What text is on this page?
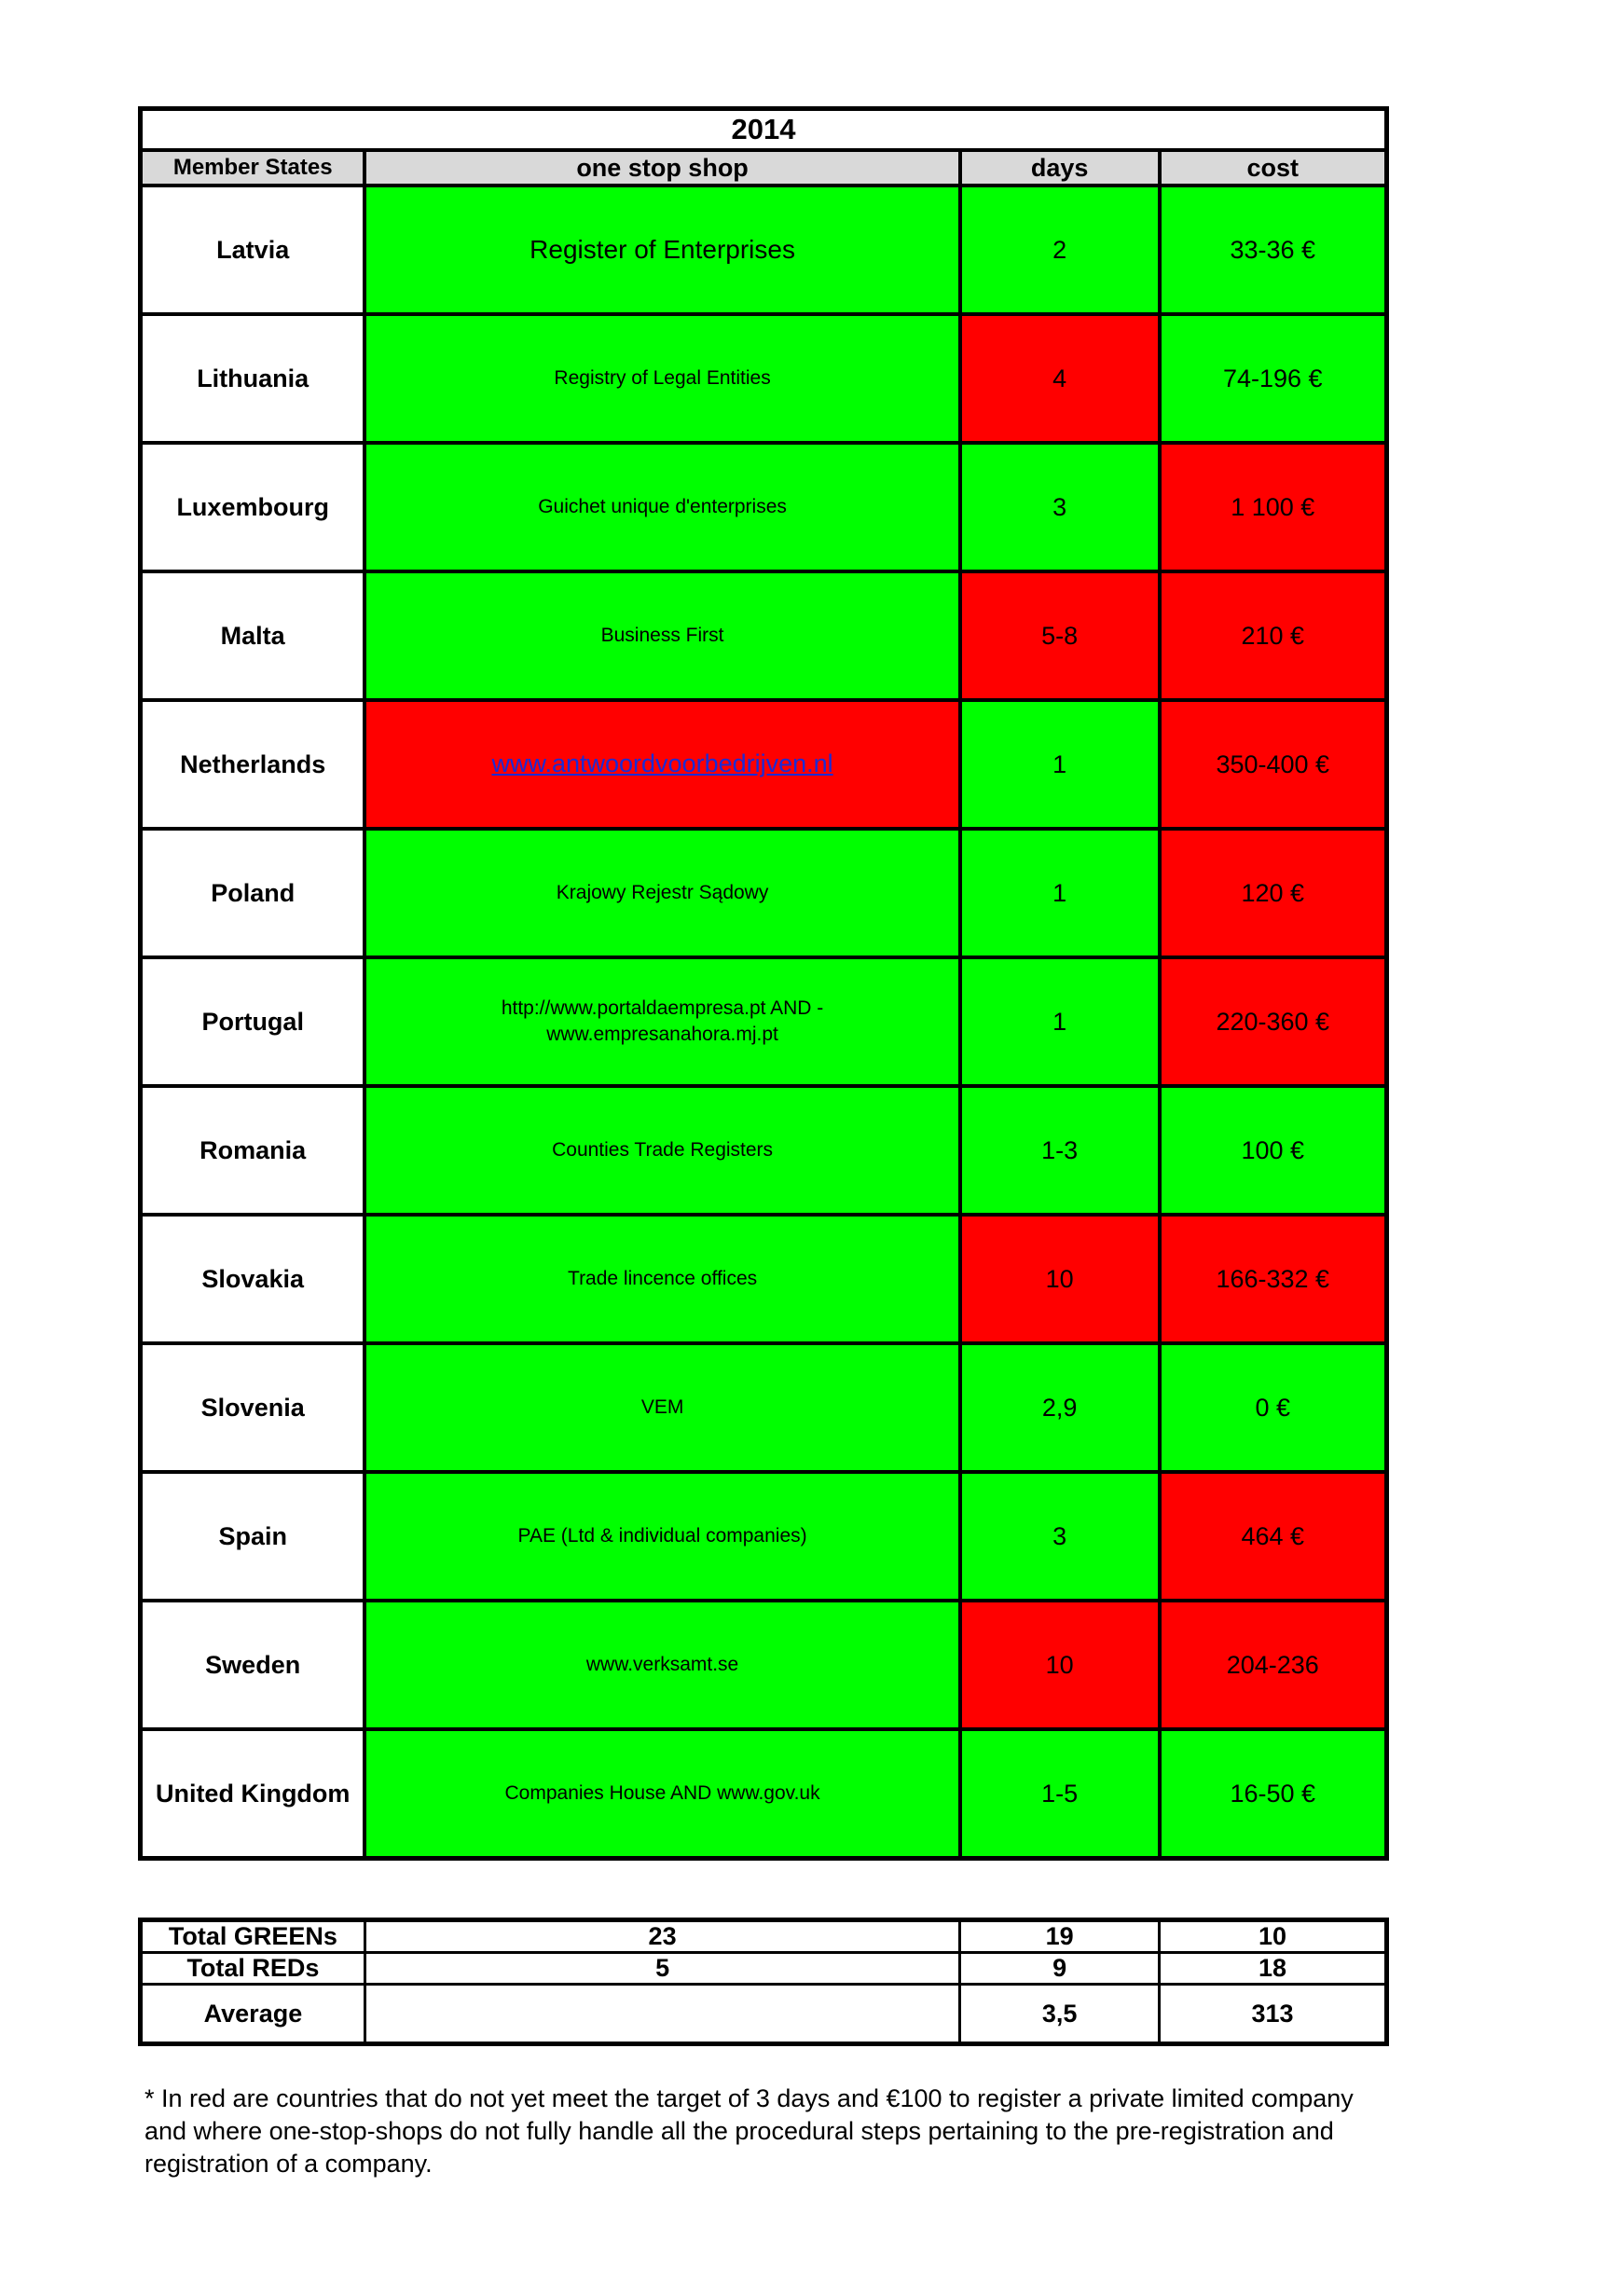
2014			
Member States	one stop shop	days	cost
Latvia	Register of Enterprises	2	33-36 €
Lithuania	Registry of Legal Entities	4	74-196 €
Luxembourg	Guichet unique d'enterprises	3	1 100 €
Malta	Business First	5-8	210 €
Netherlands	www.antwoordvoorbedrijven.nl	1	350-400 €
Poland	Krajowy Rejestr Sądowy	1	120 €
Portugal	http://www.portaldaempresa.pt AND - www.empresanahora.mj.pt	1	220-360 €
Romania	Counties Trade Registers	1-3	100 €
Slovakia	Trade lincence offices	10	166-332 €
Slovenia	VEM	2,9	0 €
Spain	PAE (Ltd & individual companies)	3	464 €
Sweden	www.verksamt.se	10	204-236
United Kingdom	Companies House AND www.gov.uk	1-5	16-50 €
Total GREENs	23	19	10
Total REDs	5	9	18
Average		3,5	313
* In red are countries that do not yet meet the target of 3 days and €100 to register a private limited company and where one-stop-shops do not fully handle all the procedural steps pertaining to the pre-registration and registration of a company.
